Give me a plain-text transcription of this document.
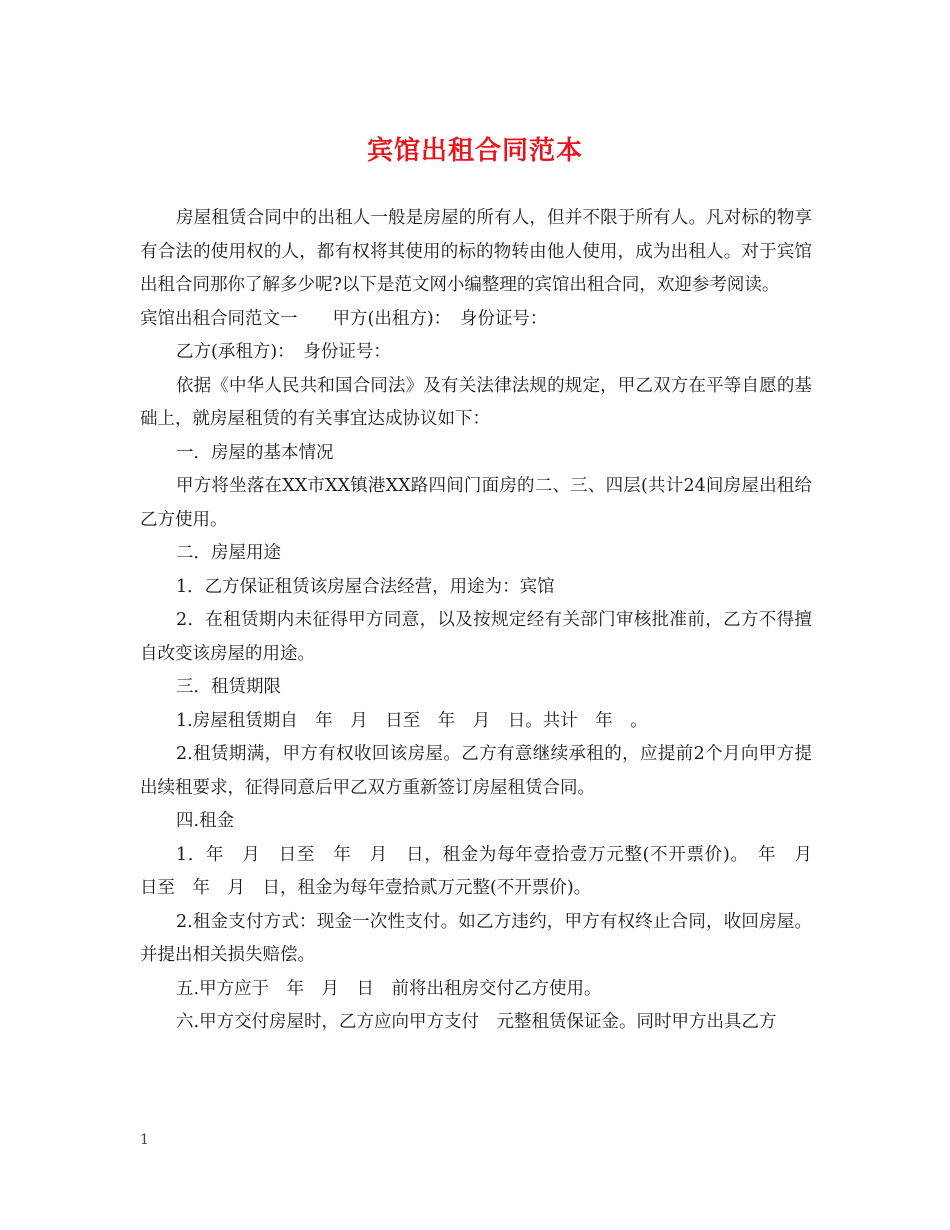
宾馆出租合同范本

房屋租赁合同中的出租人一般是房屋的所有人，但并不限于所有人。凡对标的物享有合法的使用权的人，都有权将其使用的标的物转由他人使用，成为出租人。对于宾馆出租合同那你了解多少呢?以下是范文网小编整理的宾馆出租合同，欢迎参考阅读。

宾馆出租合同范文一　　甲方(出租方)：　身份证号：

乙方(承租方)：　身份证号：

依据《中华人民共和国合同法》及有关法律法规的规定，甲乙双方在平等自愿的基础上，就房屋租赁的有关事宜达成协议如下：

一．房屋的基本情况

甲方将坐落在XX市XX镇港XX路四间门面房的二、三、四层(共计24间房屋出租给乙方使用。

二．房屋用途

1．乙方保证租赁该房屋合法经营，用途为：宾馆

2．在租赁期内未征得甲方同意，以及按规定经有关部门审核批准前，乙方不得擅自改变该房屋的用途。

三．租赁期限

1.房屋租赁期自　年　月　日至　年　月　日。共计　年　。

2.租赁期满，甲方有权收回该房屋。乙方有意继续承租的，应提前2个月向甲方提出续租要求，征得同意后甲乙双方重新签订房屋租赁合同。

四.租金

1．年　月　日至　年　月　日，租金为每年壹拾壹万元整(不开票价)。　年　月　日至　年　月　日，租金为每年壹拾贰万元整(不开票价)。

2.租金支付方式：现金一次性支付。如乙方违约，甲方有权终止合同，收回房屋。并提出相关损失赔偿。

五.甲方应于　年　月　日　前将出租房交付乙方使用。

六.甲方交付房屋时，乙方应向甲方支付　元整租赁保证金。同时甲方出具乙方

1
